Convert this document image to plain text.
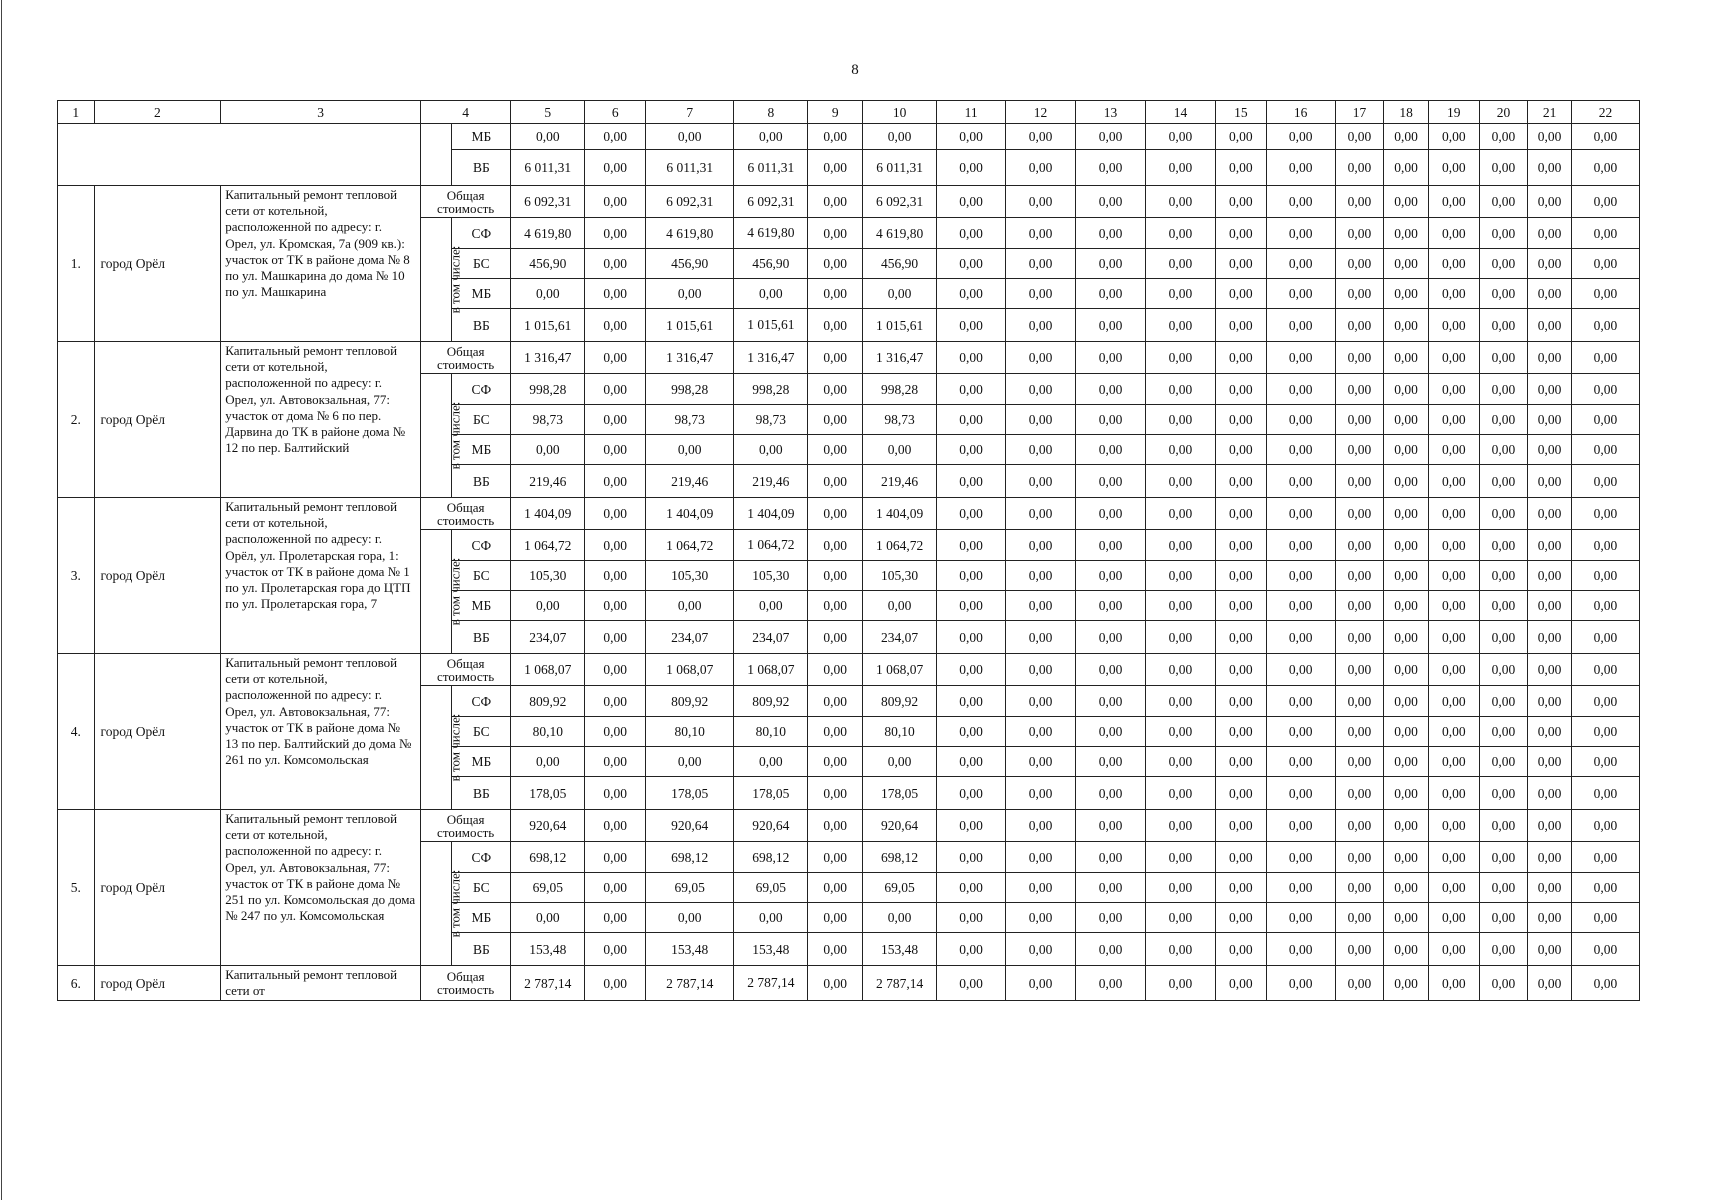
8
1	2	3	4		5	6	7	8	9	10	11	12	13	14	15	16	17	18	19	20	21	22
				МБ	0,00	0,00	0,00	0,00	0,00	0,00	0,00	0,00	0,00	0,00	0,00	0,00	0,00	0,00	0,00	0,00	0,00	0,00
				ВБ	6 011,31	0,00	6 011,31	6 011,31	0,00	6 011,31	0,00	0,00	0,00	0,00	0,00	0,00	0,00	0,00	0,00	0,00	0,00	0,00
1.	город Орёл	Капитальный ремонт тепловой сети от котельной, расположенной по адресу: г. Орел, ул. Кромская, 7а (909 кв.): участок от ТК в районе дома № 8 по ул. Машкарина до дома № 10 по ул. Машкарина	Общая стоимость		6 092,31	0,00	6 092,31	6 092,31	0,00	6 092,31	0,00	0,00	0,00	0,00	0,00	0,00	0,00	0,00	0,00	0,00	0,00	0,00
			в том числе:	СФ	4 619,80	0,00	4 619,80	4 619,80	0,00	4 619,80	0,00	0,00	0,00	0,00	0,00	0,00	0,00	0,00	0,00	0,00	0,00	0,00
				БС	456,90	0,00	456,90	456,90	0,00	456,90	0,00	0,00	0,00	0,00	0,00	0,00	0,00	0,00	0,00	0,00	0,00	0,00
				МБ	0,00	0,00	0,00	0,00	0,00	0,00	0,00	0,00	0,00	0,00	0,00	0,00	0,00	0,00	0,00	0,00	0,00	0,00
				ВБ	1 015,61	0,00	1 015,61	1 015,61	0,00	1 015,61	0,00	0,00	0,00	0,00	0,00	0,00	0,00	0,00	0,00	0,00	0,00	0,00
2.	город Орёл	Капитальный ремонт тепловой сети от котельной, расположенной по адресу: г. Орел, ул. Автовокзальная, 77: участок от дома № 6 по пер. Дарвина до ТК в районе дома № 12 по пер. Балтийский	Общая стоимость		1 316,47	0,00	1 316,47	1 316,47	0,00	1 316,47	0,00	0,00	0,00	0,00	0,00	0,00	0,00	0,00	0,00	0,00	0,00	0,00
			в том числе:	СФ	998,28	0,00	998,28	998,28	0,00	998,28	0,00	0,00	0,00	0,00	0,00	0,00	0,00	0,00	0,00	0,00	0,00	0,00
				БС	98,73	0,00	98,73	98,73	0,00	98,73	0,00	0,00	0,00	0,00	0,00	0,00	0,00	0,00	0,00	0,00	0,00	0,00
				МБ	0,00	0,00	0,00	0,00	0,00	0,00	0,00	0,00	0,00	0,00	0,00	0,00	0,00	0,00	0,00	0,00	0,00	0,00
				ВБ	219,46	0,00	219,46	219,46	0,00	219,46	0,00	0,00	0,00	0,00	0,00	0,00	0,00	0,00	0,00	0,00	0,00	0,00
3.	город Орёл	Капитальный ремонт тепловой сети от котельной, расположенной по адресу: г. Орёл, ул. Пролетарская гора, 1: участок от ТК в районе дома № 1 по ул. Пролетарская гора до ЦТП по ул. Пролетарская гора, 7	Общая стоимость		1 404,09	0,00	1 404,09	1 404,09	0,00	1 404,09	0,00	0,00	0,00	0,00	0,00	0,00	0,00	0,00	0,00	0,00	0,00	0,00
			в том числе:	СФ	1 064,72	0,00	1 064,72	1 064,72	0,00	1 064,72	0,00	0,00	0,00	0,00	0,00	0,00	0,00	0,00	0,00	0,00	0,00	0,00
				БС	105,30	0,00	105,30	105,30	0,00	105,30	0,00	0,00	0,00	0,00	0,00	0,00	0,00	0,00	0,00	0,00	0,00	0,00
				МБ	0,00	0,00	0,00	0,00	0,00	0,00	0,00	0,00	0,00	0,00	0,00	0,00	0,00	0,00	0,00	0,00	0,00	0,00
				ВБ	234,07	0,00	234,07	234,07	0,00	234,07	0,00	0,00	0,00	0,00	0,00	0,00	0,00	0,00	0,00	0,00	0,00	0,00
4.	город Орёл	Капитальный ремонт тепловой сети от котельной, расположенной по адресу: г. Орел, ул. Автовокзальная, 77: участок от ТК в районе дома № 13 по пер. Балтийский до дома № 261 по ул. Комсомольская	Общая стоимость		1 068,07	0,00	1 068,07	1 068,07	0,00	1 068,07	0,00	0,00	0,00	0,00	0,00	0,00	0,00	0,00	0,00	0,00	0,00	0,00
			в том числе:	СФ	809,92	0,00	809,92	809,92	0,00	809,92	0,00	0,00	0,00	0,00	0,00	0,00	0,00	0,00	0,00	0,00	0,00	0,00
				БС	80,10	0,00	80,10	80,10	0,00	80,10	0,00	0,00	0,00	0,00	0,00	0,00	0,00	0,00	0,00	0,00	0,00	0,00
				МБ	0,00	0,00	0,00	0,00	0,00	0,00	0,00	0,00	0,00	0,00	0,00	0,00	0,00	0,00	0,00	0,00	0,00	0,00
				ВБ	178,05	0,00	178,05	178,05	0,00	178,05	0,00	0,00	0,00	0,00	0,00	0,00	0,00	0,00	0,00	0,00	0,00	0,00
5.	город Орёл	Капитальный ремонт тепловой сети от котельной, расположенной по адресу: г. Орел, ул. Автовокзальная, 77: участок от ТК в районе дома № 251 по ул. Комсомольская до дома № 247 по ул. Комсомольская	Общая стоимость		920,64	0,00	920,64	920,64	0,00	920,64	0,00	0,00	0,00	0,00	0,00	0,00	0,00	0,00	0,00	0,00	0,00	0,00
			в том числе:	СФ	698,12	0,00	698,12	698,12	0,00	698,12	0,00	0,00	0,00	0,00	0,00	0,00	0,00	0,00	0,00	0,00	0,00	0,00
				БС	69,05	0,00	69,05	69,05	0,00	69,05	0,00	0,00	0,00	0,00	0,00	0,00	0,00	0,00	0,00	0,00	0,00	0,00
				МБ	0,00	0,00	0,00	0,00	0,00	0,00	0,00	0,00	0,00	0,00	0,00	0,00	0,00	0,00	0,00	0,00	0,00	0,00
				ВБ	153,48	0,00	153,48	153,48	0,00	153,48	0,00	0,00	0,00	0,00	0,00	0,00	0,00	0,00	0,00	0,00	0,00	0,00
6.	город Орёл	Капитальный ремонт тепловой сети от	Общая стоимость		2 787,14	0,00	2 787,14	2 787,14	0,00	2 787,14	0,00	0,00	0,00	0,00	0,00	0,00	0,00	0,00	0,00	0,00	0,00	0,00
